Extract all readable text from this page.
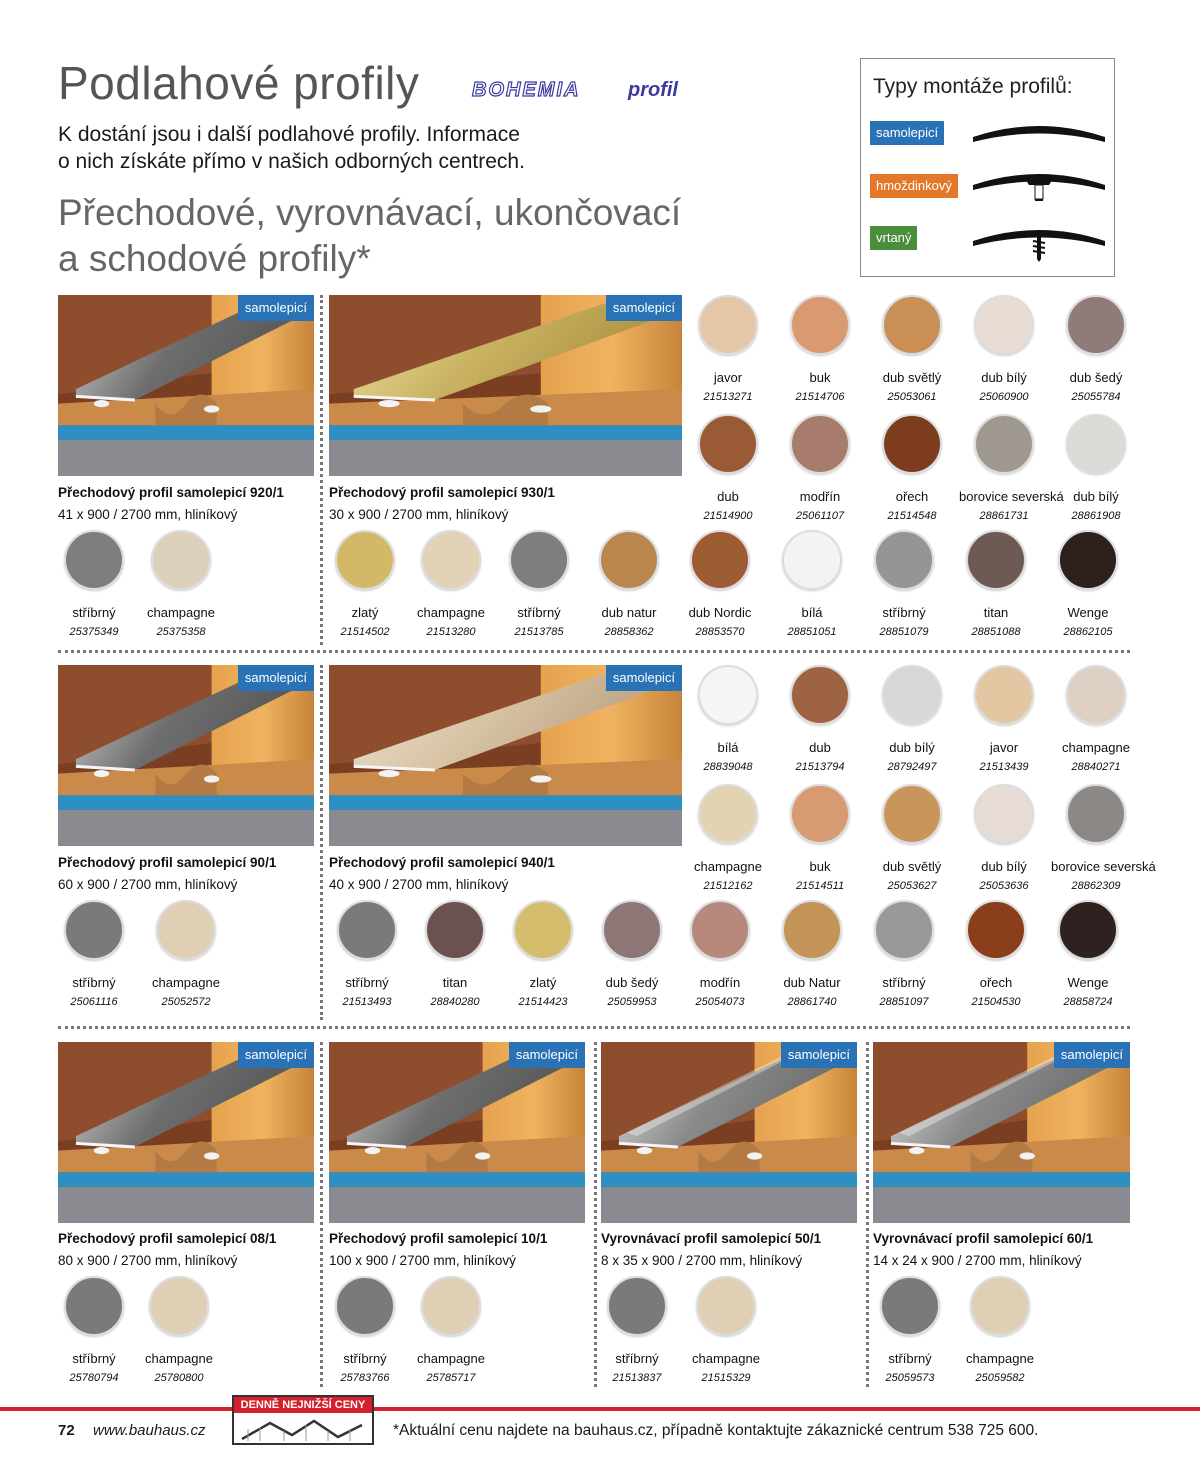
Podlahové profily	BOHEMIA profil
K dostání jsou i další podlahové profily. Informace
o nich získáte přímo v našich odborných centrech.
Přechodové, vyrovnávací, ukončovací
a schodové profily*
Typy montáže profilů:
samolepicí
hmoždinkový
vrtaný
samolepicí
Přechodový profil samolepicí 920/1
41 x 900 / 2700 mm, hliníkový
samolepicí
Přechodový profil samolepicí 930/1
30 x 900 / 2700 mm, hliníkový
samolepicí
Přechodový profil samolepicí 90/1
60 x 900 / 2700 mm, hliníkový
samolepicí
Přechodový profil samolepicí 940/1
40 x 900 / 2700 mm, hliníkový
samolepicí
Přechodový profil samolepicí 08/1
80 x 900 / 2700 mm, hliníkový
samolepicí
Přechodový profil samolepicí 10/1
100 x 900 / 2700 mm, hliníkový
samolepicí
Vyrovnávací profil samolepicí 50/1
8 x 35 x 900 / 2700 mm, hliníkový
samolepicí
Vyrovnávací profil samolepicí 60/1
14 x 24 x 900 / 2700 mm, hliníkový
javor
21513271
buk
21514706
dub světlý
25053061
dub bílý
25060900
dub šedý
25055784
dub
21514900
modřín
25061107
ořech
21514548
borovice severská
28861731
dub bílý
28861908
stříbrný
25375349
champagne
25375358
zlatý
21514502
champagne
21513280
stříbrný
21513785
dub natur
28858362
dub Nordic
28853570
bílá
28851051
stříbrný
28851079
titan
28851088
Wenge
28862105
bílá
28839048
dub
21513794
dub bílý
28792497
javor
21513439
champagne
28840271
champagne
21512162
buk
21514511
dub světlý
25053627
dub bílý
25053636
borovice severská
28862309
stříbrný
25061116
champagne
25052572
stříbrný
21513493
titan
28840280
zlatý
21514423
dub šedý
25059953
modřín
25054073
dub Natur
28861740
stříbrný
28851097
ořech
21504530
Wenge
28858724
stříbrný
25780794
champagne
25780800
stříbrný
25783766
champagne
25785717
stříbrný
21513837
champagne
21515329
stříbrný
25059573
champagne
25059582
72 www.bauhaus.cz
DENNĚ NEJNIŽŠÍ CENY
*Aktuální cenu najdete na bauhaus.cz, případně kontaktujte zákaznické centrum 538 725 600.
